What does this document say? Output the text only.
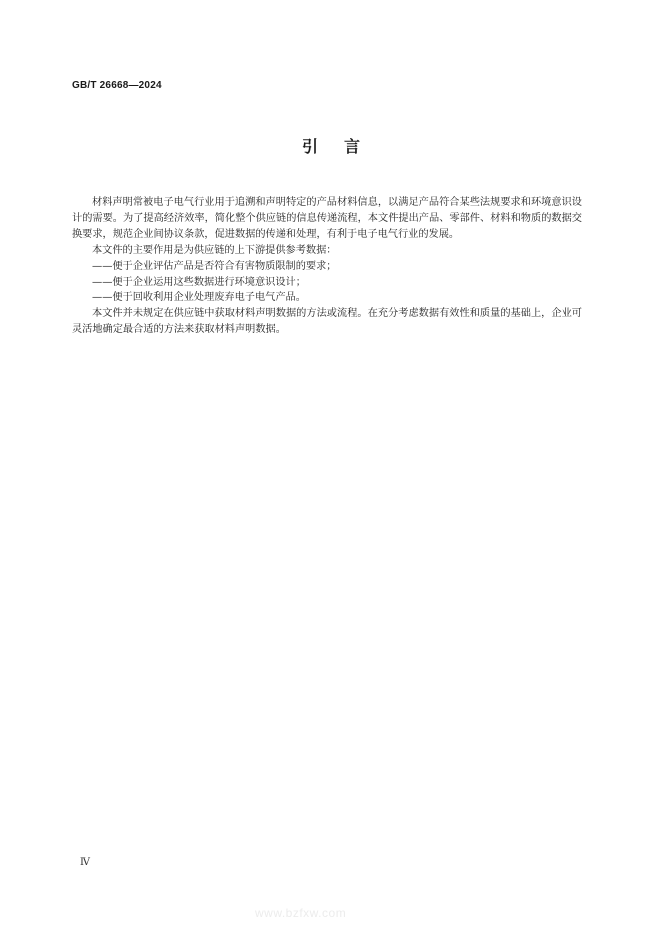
GB/T 26668—2024
引言

材料声明常被电子电气行业用于追溯和声明特定的产品材料信息，以满足产品符合某些法规要求和环境意识设计的需要。为了提高经济效率，简化整个供应链的信息传递流程，本文件提出产品、零部件、材料和物质的数据交换要求，规范企业间协议条款，促进数据的传递和处理，有利于电子电气行业的发展。

本文件的主要作用是为供应链的上下游提供参考数据：

——便于企业评估产品是否符合有害物质限制的要求；

——便于企业运用这些数据进行环境意识设计；

——便于回收利用企业处理废弃电子电气产品。

本文件并未规定在供应链中获取材料声明数据的方法或流程。在充分考虑数据有效性和质量的基础上，企业可灵活地确定最合适的方法来获取材料声明数据。

Ⅳ
www.bzfxw.com
